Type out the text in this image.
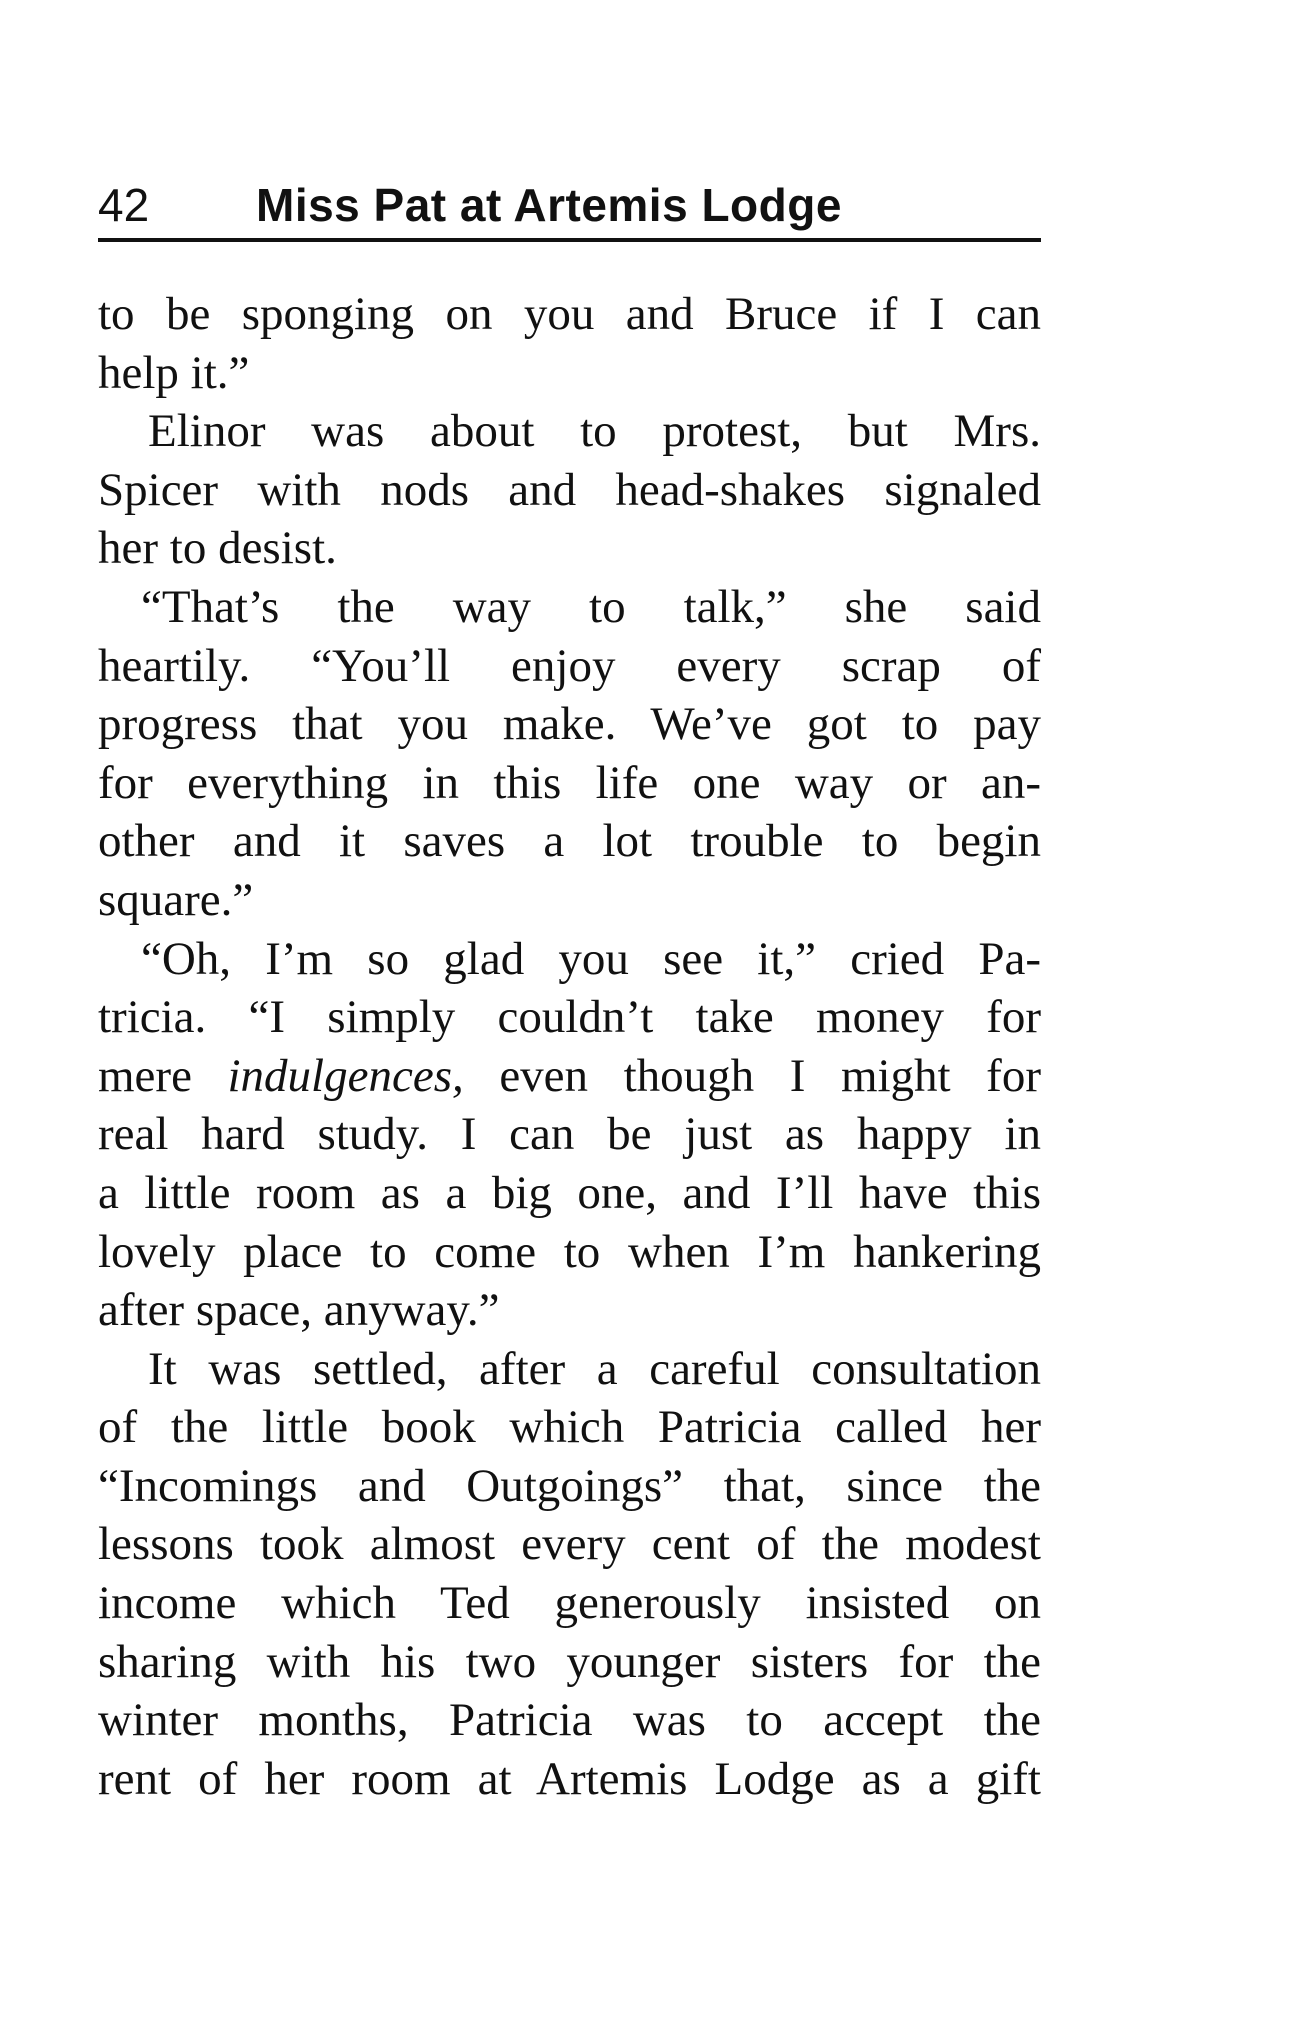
42 Miss Pat at Artemis Lodge
to be sponging on you and Bruce if I can
help it.”
Elinor was about to protest, but Mrs.
Spicer with nods and head-shakes signaled
her to desist.
“That’s the way to talk,” she said
heartily. “You’ll enjoy every scrap of
progress that you make. We’ve got to pay
for everything in this life one way or an-
other and it saves a lot trouble to begin
square.”
“Oh, I’m so glad you see it,” cried Pa-
tricia. “I simply couldn’t take money for
mere indulgences, even though I might for
real hard study. I can be just as happy in
a little room as a big one, and I’ll have this
lovely place to come to when I’m hankering
after space, anyway.”
It was settled, after a careful consultation
of the little book which Patricia called her
“Incomings and Outgoings” that, since the
lessons took almost every cent of the modest
income which Ted generously insisted on
sharing with his two younger sisters for the
winter months, Patricia was to accept the
rent of her room at Artemis Lodge as a gift
